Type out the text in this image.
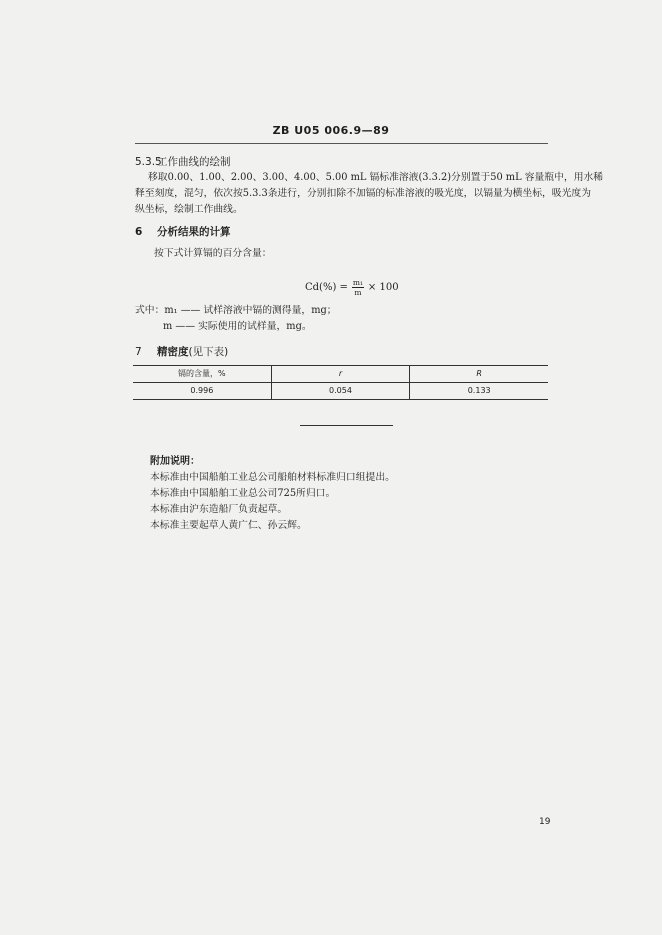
ZB U05 006.9—89
5.3.5工作曲线的绘制
移取0.00、1.00、2.00、3.00、4.00、5.00 mL 镉标准溶液(3.3.2)分别置于50 mL 容量瓶中，用水稀
释至刻度，混匀，依次按5.3.3条进行，分别扣除不加镉的标准溶液的吸光度，以镉量为横坐标，吸光度为
纵坐标，绘制工作曲线。
6 分析结果的计算
按下式计算镉的百分含量：
$Cd(\%) = \frac{\text{m₁}}{m} \times 100$
式中：m₁ —— 试样溶液中镉的测得量，mg；
m —— 实际使用的试样量，mg。
7 精密度(见下表)
镉的含量，%	r	R
0.996	0.054	0.133
附加说明：
本标准由中国船舶工业总公司船舶材料标准归口组提出。
本标准由中国船舶工业总公司725所归口。
本标准由沪东造船厂负责起草。
本标准主要起草人黄广仁、孙云辉。
19
